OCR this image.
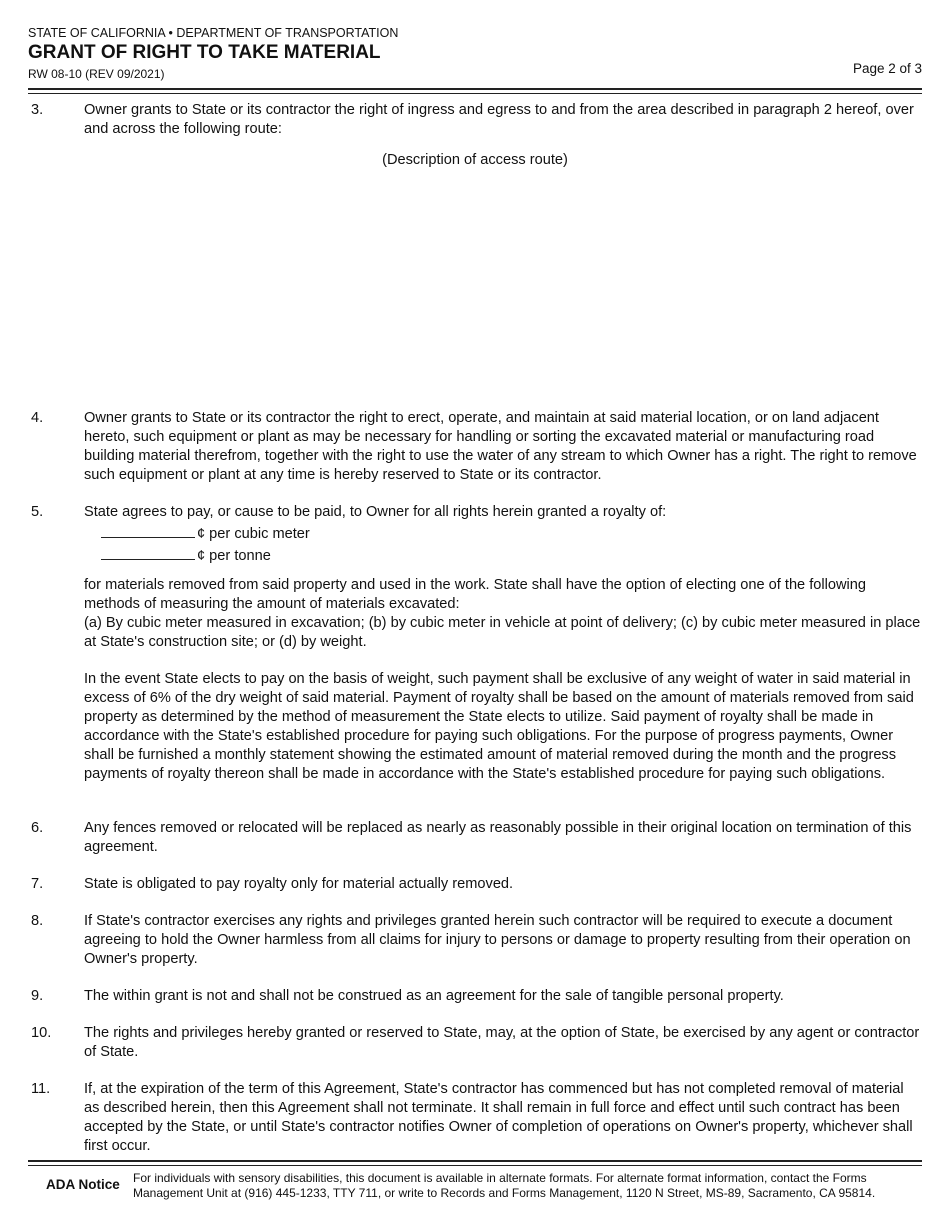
STATE OF CALIFORNIA • DEPARTMENT OF TRANSPORTATION
GRANT OF RIGHT TO TAKE MATERIAL
RW 08-10 (REV 09/2021)	Page 2 of 3
3.	Owner grants to State or its contractor the right of ingress and egress to and from the area described in paragraph 2 hereof, over and across the following route:
(Description of access route)
4.	Owner grants to State or its contractor the right to erect, operate, and maintain at said material location, or on land adjacent hereto, such equipment or plant as may be necessary for handling or sorting the excavated material or manufacturing road building material therefrom, together with the right to use the water of any stream to which Owner has a right. The right to remove such equipment or plant at any time is hereby reserved to State or its contractor.
5.	State agrees to pay, or cause to be paid, to Owner for all rights herein granted a royalty of:
¢ per cubic meter
¢ per tonne
for materials removed from said property and used in the work. State shall have the option of electing one of the following methods of measuring the amount of materials excavated:
(a) By cubic meter measured in excavation; (b) by cubic meter in vehicle at point of delivery; (c) by cubic meter measured in place at State's construction site; or (d) by weight.
In the event State elects to pay on the basis of weight, such payment shall be exclusive of any weight of water in said material in excess of 6% of the dry weight of said material. Payment of royalty shall be based on the amount of materials removed from said property as determined by the method of measurement the State elects to utilize. Said payment of royalty shall be made in accordance with the State's established procedure for paying such obligations. For the purpose of progress payments, Owner shall be furnished a monthly statement showing the estimated amount of material removed during the month and the progress payments of royalty thereon shall be made in accordance with the State's established procedure for paying such obligations.
6.	Any fences removed or relocated will be replaced as nearly as reasonably possible in their original location on termination of this agreement.
7.	State is obligated to pay royalty only for material actually removed.
8.	If State's contractor exercises any rights and privileges granted herein such contractor will be required to execute a document agreeing to hold the Owner harmless from all claims for injury to persons or damage to property resulting from their operation on Owner's property.
9.	The within grant is not and shall not be construed as an agreement for the sale of tangible personal property.
10. The rights and privileges hereby granted or reserved to State, may, at the option of State, be exercised by any agent or contractor of State.
11. If, at the expiration of the term of this Agreement, State's contractor has commenced but has not completed removal of material as described herein, then this Agreement shall not terminate. It shall remain in full force and effect until such contract has been accepted by the State, or until State's contractor notifies Owner of completion of operations on Owner's property, whichever shall first occur.
ADA Notice For individuals with sensory disabilities, this document is available in alternate formats. For alternate format information, contact the Forms Management Unit at (916) 445-1233, TTY 711, or write to Records and Forms Management, 1120 N Street, MS-89, Sacramento, CA 95814.
